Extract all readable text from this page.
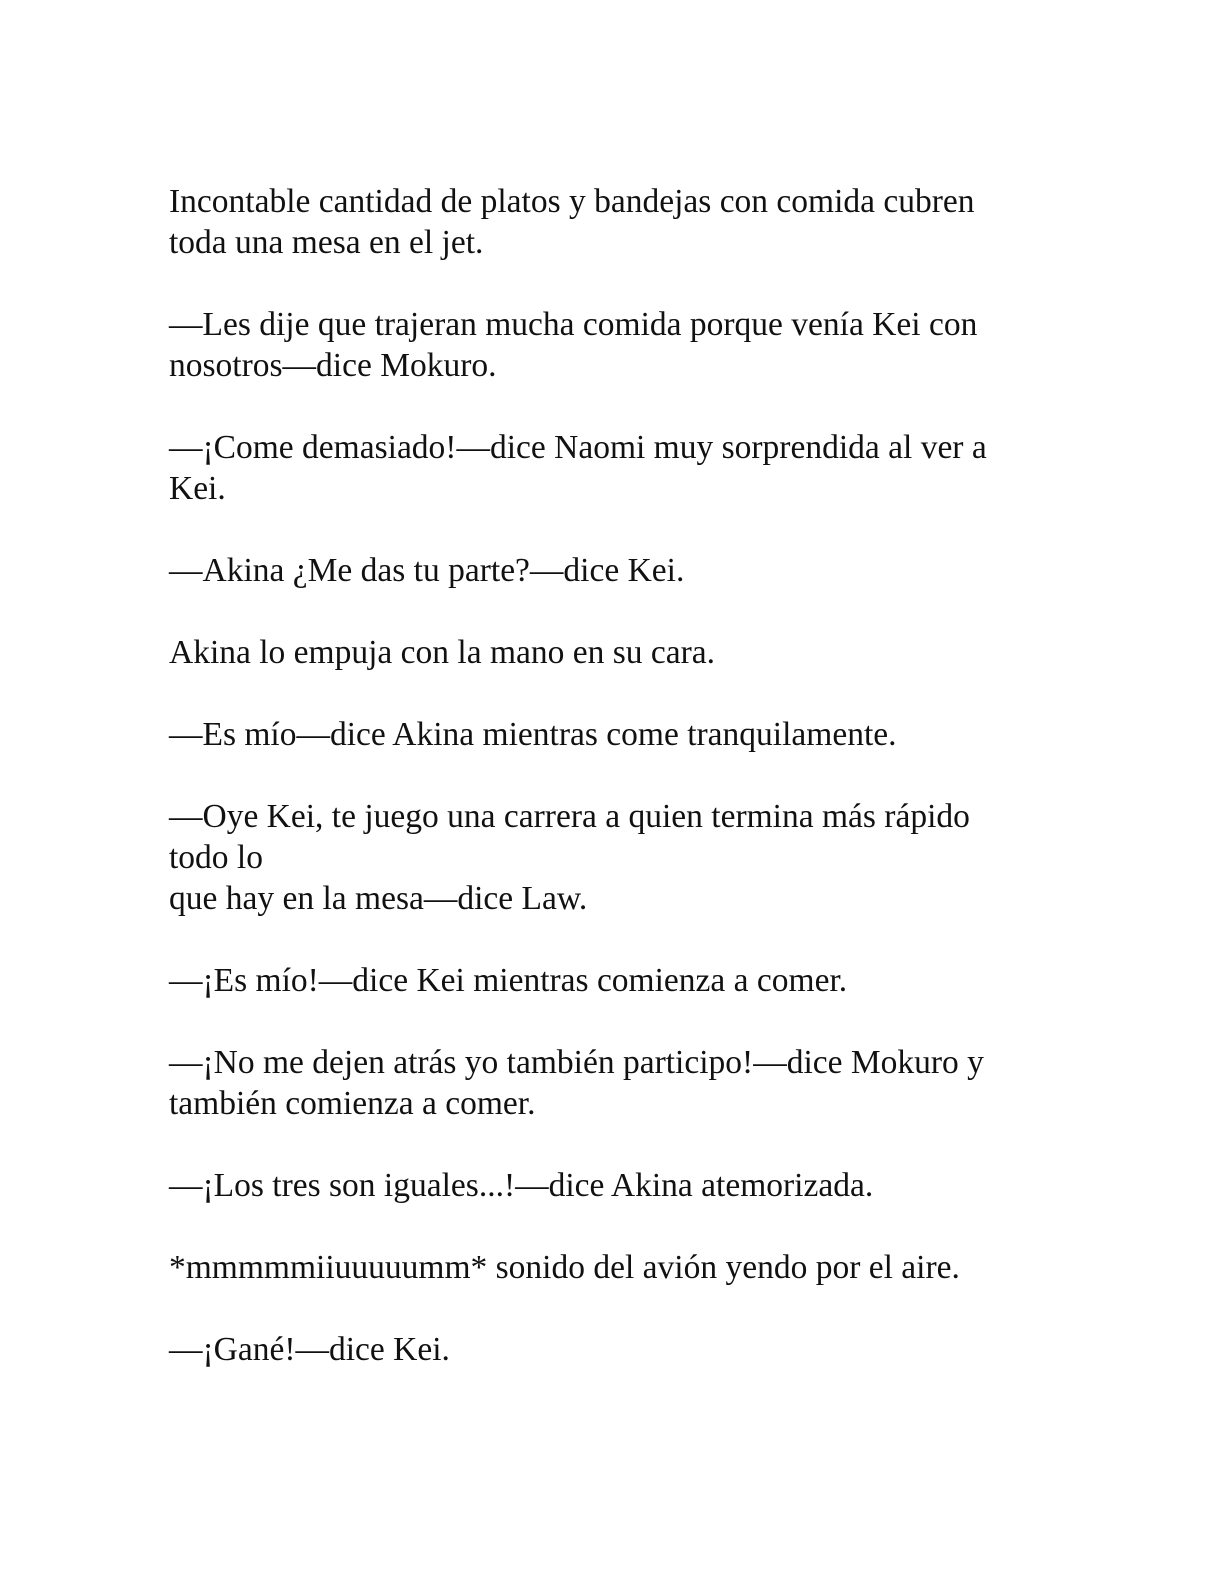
Incontable cantidad de platos y bandejas con comida cubren
toda una mesa en el jet.

—Les dije que trajeran mucha comida porque venía Kei con
nosotros—dice Mokuro.

—¡Come demasiado!—dice Naomi muy sorprendida al ver a
Kei.

—Akina ¿Me das tu parte?—dice Kei.

Akina lo empuja con la mano en su cara.

—Es mío—dice Akina mientras come tranquilamente.

—Oye Kei, te juego una carrera a quien termina más rápido
todo lo
que hay en la mesa—dice Law.

—¡Es mío!—dice Kei mientras comienza a comer.

—¡No me dejen atrás yo también participo!—dice Mokuro y
también comienza a comer.

—¡Los tres son iguales...!—dice Akina atemorizada.

*mmmmmiiuuuuumm* sonido del avión yendo por el aire.

—¡Gané!—dice Kei.
